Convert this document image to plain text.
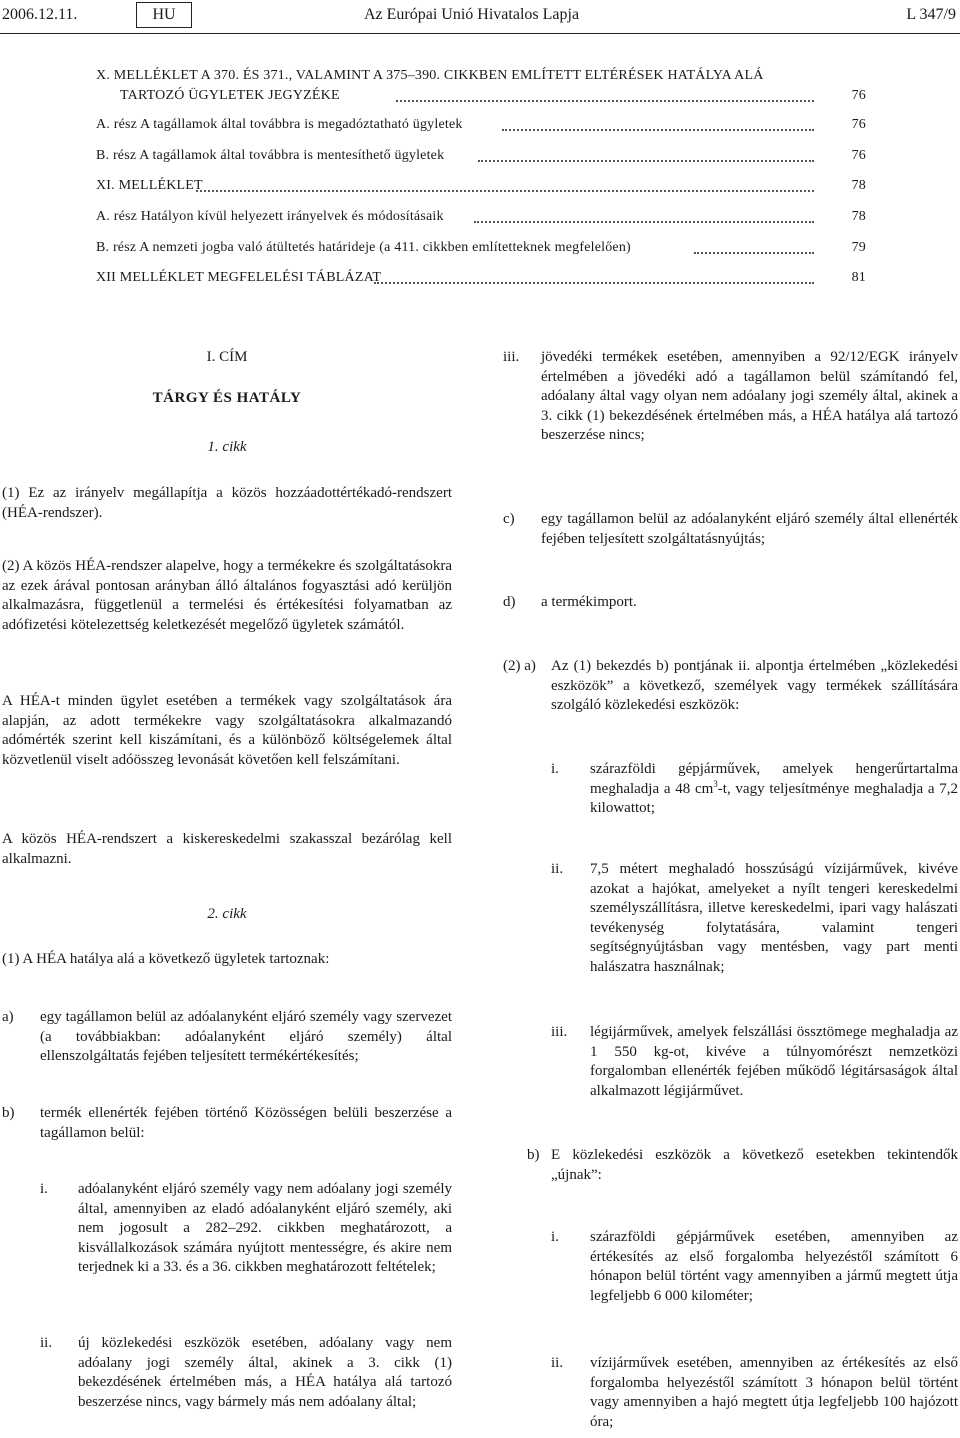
2006.12.11.	HU	Az Európai Unió Hivatalos Lapja	L 347/9
X. MELLÉKLET A 370. ÉS 371., VALAMINT A 375–390. CIKKBEN EMLÍTETT ELTÉRÉSEK HATÁLYA ALÁ
TARTOZÓ ÜGYLETEK JEGYZÉKE	76
A. rész A tagállamok által továbbra is megadóztatható ügyletek	76
B. rész A tagállamok által továbbra is mentesíthető ügyletek	76
XI. MELLÉKLET	78
A. rész Hatályon kívül helyezett irányelvek és módosításaik	78
B. rész A nemzeti jogba való átültetés határideje (a 411. cikkben említetteknek megfelelően)	79
XII MELLÉKLET MEGFELELÉSI TÁBLÁZAT	81
I. CÍM
TÁRGY ÉS HATÁLY
1. cikk
(1) Ez az irányelv megállapítja a közös hozzáadottértékadó-rendszert (HÉA-rendszer).
(2) A közös HÉA-rendszer alapelve, hogy a termékekre és szolgáltatásokra az ezek árával pontosan arányban álló általános fogyasztási adó kerüljön alkalmazásra, függetlenül a termelési és értékesítési folyamatban az adófizetési kötelezettség keletkezését megelőző ügyletek számától.
A HÉA-t minden ügylet esetében a termékek vagy szolgáltatások ára alapján, az adott termékekre vagy szolgáltatásokra alkalmazandó adómérték szerint kell kiszámítani, és a különböző költségelemek által közvetlenül viselt adóösszeg levonását követően kell felszámítani.
A közös HÉA-rendszert a kiskereskedelmi szakasszal bezárólag kell alkalmazni.
2. cikk
(1) A HÉA hatálya alá a következő ügyletek tartoznak:
a) egy tagállamon belül az adóalanyként eljáró személy vagy szervezet (a továbbiakban: adóalanyként eljáró személy) által ellenszolgáltatás fejében teljesített termékértékesítés;
b) termék ellenérték fejében történő Közösségen belüli beszerzése a tagállamon belül:
i. adóalanyként eljáró személy vagy nem adóalany jogi személy által, amennyiben az eladó adóalanyként eljáró személy, aki nem jogosult a 282–292. cikkben meghatározott, a kisvállalkozások számára nyújtott mentességre, és akire nem terjednek ki a 33. és a 36. cikkben meghatározott feltételek;
ii. új közlekedési eszközök esetében, adóalany vagy nem adóalany jogi személy által, akinek a 3. cikk (1) bekezdésének értelmében más, a HÉA hatálya alá tartozó beszerzése nincs, vagy bármely más nem adóalany által;
iii. jövedéki termékek esetében, amennyiben a 92/12/EGK irányelv értelmében a jövedéki adó a tagállamon belül számítandó fel, adóalany által vagy olyan nem adóalany jogi személy által, akinek a 3. cikk (1) bekezdésének értelmében más, a HÉA hatálya alá tartozó beszerzése nincs;
c) egy tagállamon belül az adóalanyként eljáró személy által ellenérték fejében teljesített szolgáltatásnyújtás;
d) a termékimport.
(2) a) Az (1) bekezdés b) pontjának ii. alpontja értelmében „közlekedési eszközök” a következő, személyek vagy termékek szállítására szolgáló közlekedési eszközök:
i. szárazföldi gépjárművek, amelyek hengerűrtartalma meghaladja a 48 $cm^3-t$, vagy teljesítménye meghaladja a 7,2 kilowattot;
ii. 7,5 métert meghaladó hosszúságú vízijárművek, kivéve azokat a hajókat, amelyeket a nyílt tengeri kereskedelmi személyszállításra, illetve kereskedelmi, ipari vagy halászati tevékenység folytatására, valamint tengeri segítségnyújtásban vagy mentésben, vagy part menti halászatra használnak;
iii. légijárművek, amelyek felszállási össztömege meghaladja az 1 550 kg-ot, kivéve a túlnyomórészt nemzetközi forgalomban ellenérték fejében működő légitársaságok által alkalmazott légijárművet.
b) E közlekedési eszközök a következő esetekben tekintendők „újnak”:
i. szárazföldi gépjárművek esetében, amennyiben az értékesítés az első forgalomba helyezéstől számított 6 hónapon belül történt vagy amennyiben a jármű megtett útja legfeljebb 6 000 kilométer;
ii. vízijárművek esetében, amennyiben az értékesítés az első forgalomba helyezéstől számított 3 hónapon belül történt vagy amennyiben a hajó megtett útja legfeljebb 100 hajózott óra;
